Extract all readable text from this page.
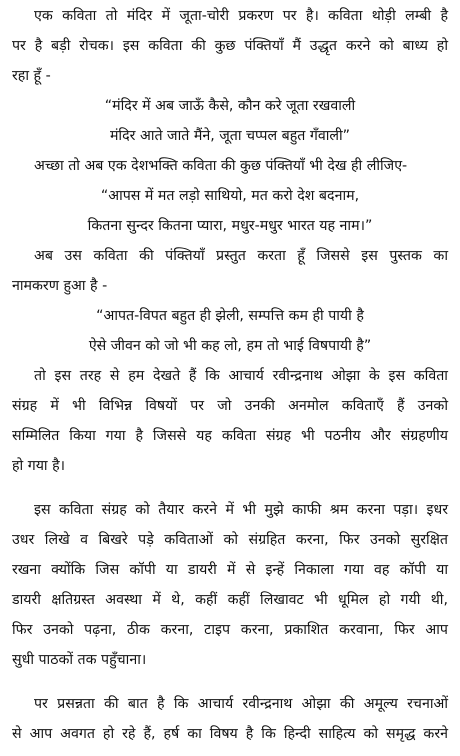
एक कविता तो मंदिर में जूता-चोरी प्रकरण पर है। कविता थोड़ी लम्बी है
पर है बड़ी रोचक। इस कविता की कुछ पंक्तियाँ मैं उद्धृत करने को बाध्य हो
रहा हूँ -
“मंदिर में अब जाऊँ कैसे, कौन करे जूता रखवाली
मंदिर आते जाते मैंने, जूता चप्पल बहुत गँवाली”
अच्छा तो अब एक देशभक्ति कविता की कुछ पंक्तियाँ भी देख ही लीजिए-
“आपस में मत लड़ो साथियो, मत करो देश बदनाम,
कितना सुन्दर कितना प्यारा, मधुर-मधुर भारत यह नाम।”
अब उस कविता की पंक्तियाँ प्रस्तुत करता हूँ जिससे इस पुस्तक का
नामकरण हुआ है -
“आपत-विपत बहुत ही झेली, सम्पत्ति कम ही पायी है
ऐसे जीवन को जो भी कह लो, हम तो भाई विषपायी है”
तो इस तरह से हम देखते हैं कि आचार्य रवीन्द्रनाथ ओझा के इस कविता
संग्रह में भी विभिन्न विषयों पर जो उनकी अनमोल कविताएँ हैं उनको
सम्मिलित किया गया है जिससे यह कविता संग्रह भी पठनीय और संग्रहणीय
हो गया है।
इस कविता संग्रह को तैयार करने में भी मुझे काफी श्रम करना पड़ा। इधर
उधर लिखे व बिखरे पड़े कविताओं को संग्रहित करना, फिर उनको सुरक्षित
रखना क्योंकि जिस कॉपी या डायरी में से इन्हें निकाला गया वह कॉपी या
डायरी क्षतिग्रस्त अवस्था में थे, कहीं कहीं लिखावट भी धूमिल हो गयी थी,
फिर उनको पढ़ना, ठीक करना, टाइप करना, प्रकाशित करवाना, फिर आप
सुधी पाठकों तक पहुँचाना।
पर प्रसन्नता की बात है कि आचार्य रवीन्द्रनाथ ओझा की अमूल्य रचनाओं
से आप अवगत हो रहे हैं, हर्ष का विषय है कि हिन्दी साहित्य को समृद्ध करने
